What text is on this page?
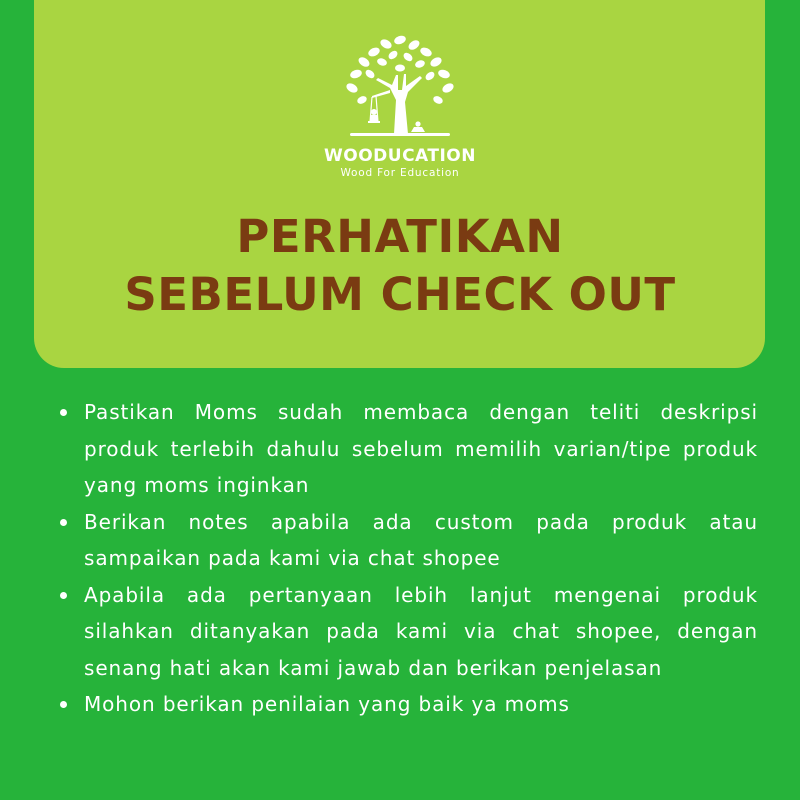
WOODUCATION
Wood For Education
PERHATIKAN
SEBELUM CHECK OUT
Pastikan Moms sudah membaca dengan teliti deskripsi produk terlebih dahulu sebelum memilih varian/tipe produk yang moms inginkan
Berikan notes apabila ada custom pada produk atau sampaikan pada kami via chat shopee
Apabila ada pertanyaan lebih lanjut mengenai produk silahkan ditanyakan pada kami via chat shopee, dengan senang hati akan kami jawab dan berikan penjelasan
Mohon berikan penilaian yang baik ya moms
